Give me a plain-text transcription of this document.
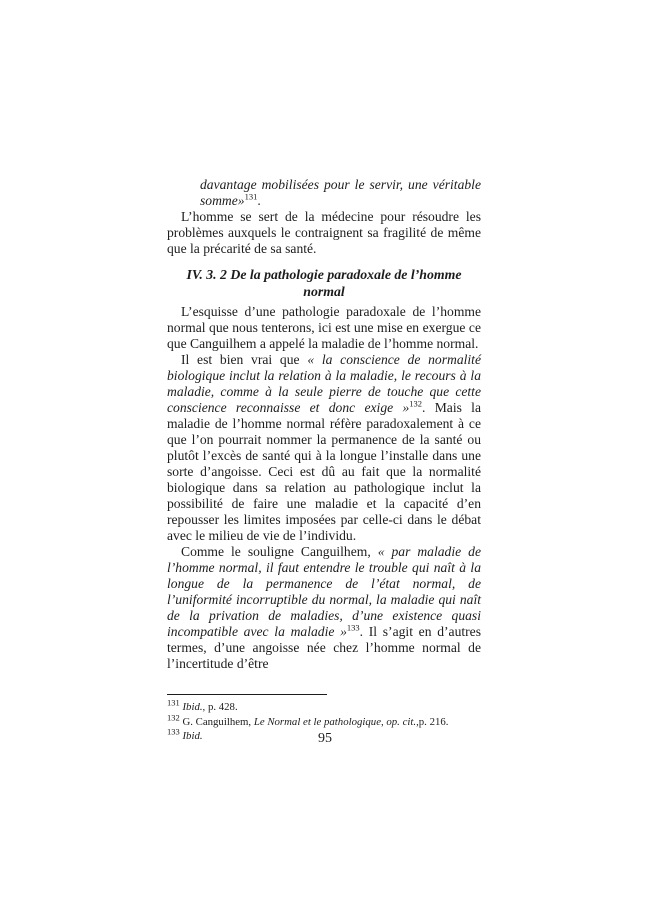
davantage mobilisées pour le servir, une véritable somme»$^{131}$.

L’homme se sert de la médecine pour résoudre les problèmes auxquels le contraignent sa fragilité de même que la précarité de sa santé.

IV. 3. 2 De la pathologie paradoxale de l’homme normal

L’esquisse d’une pathologie paradoxale de l’homme normal que nous tenterons, ici est une mise en exergue ce que Canguilhem a appelé la maladie de l’homme normal.

Il est bien vrai que « la conscience de normalité biologique inclut la relation à la maladie, le recours à la maladie, comme à la seule pierre de touche que cette conscience reconnaisse et donc exige »$^{132}$. Mais la maladie de l’homme normal réfère paradoxalement à ce que l’on pourrait nommer la permanence de la santé ou plutôt l’excès de santé qui à la longue l’installe dans une sorte d’angoisse. Ceci est dû au fait que la normalité biologique dans sa relation au pathologique inclut la possibilité de faire une maladie et la capacité d’en repousser les limites imposées par celle-ci dans le débat avec le milieu de vie de l’individu.

Comme le souligne Canguilhem, « par maladie de l’homme normal, il faut entendre le trouble qui naît à la longue de la permanence de l’état normal, de l’uniformité incorruptible du normal, la maladie qui naît de la privation de maladies, d’une existence quasi incompatible avec la maladie »$^{133}$. Il s’agit en d’autres termes, d’une angoisse née chez l’homme normal de l’incertitude d’être

$^{131}$ Ibid., p. 428.

$^{132}$ G. Canguilhem, Le Normal et le pathologique, op. cit.,p. 216.

$^{133}$ Ibid.	95
